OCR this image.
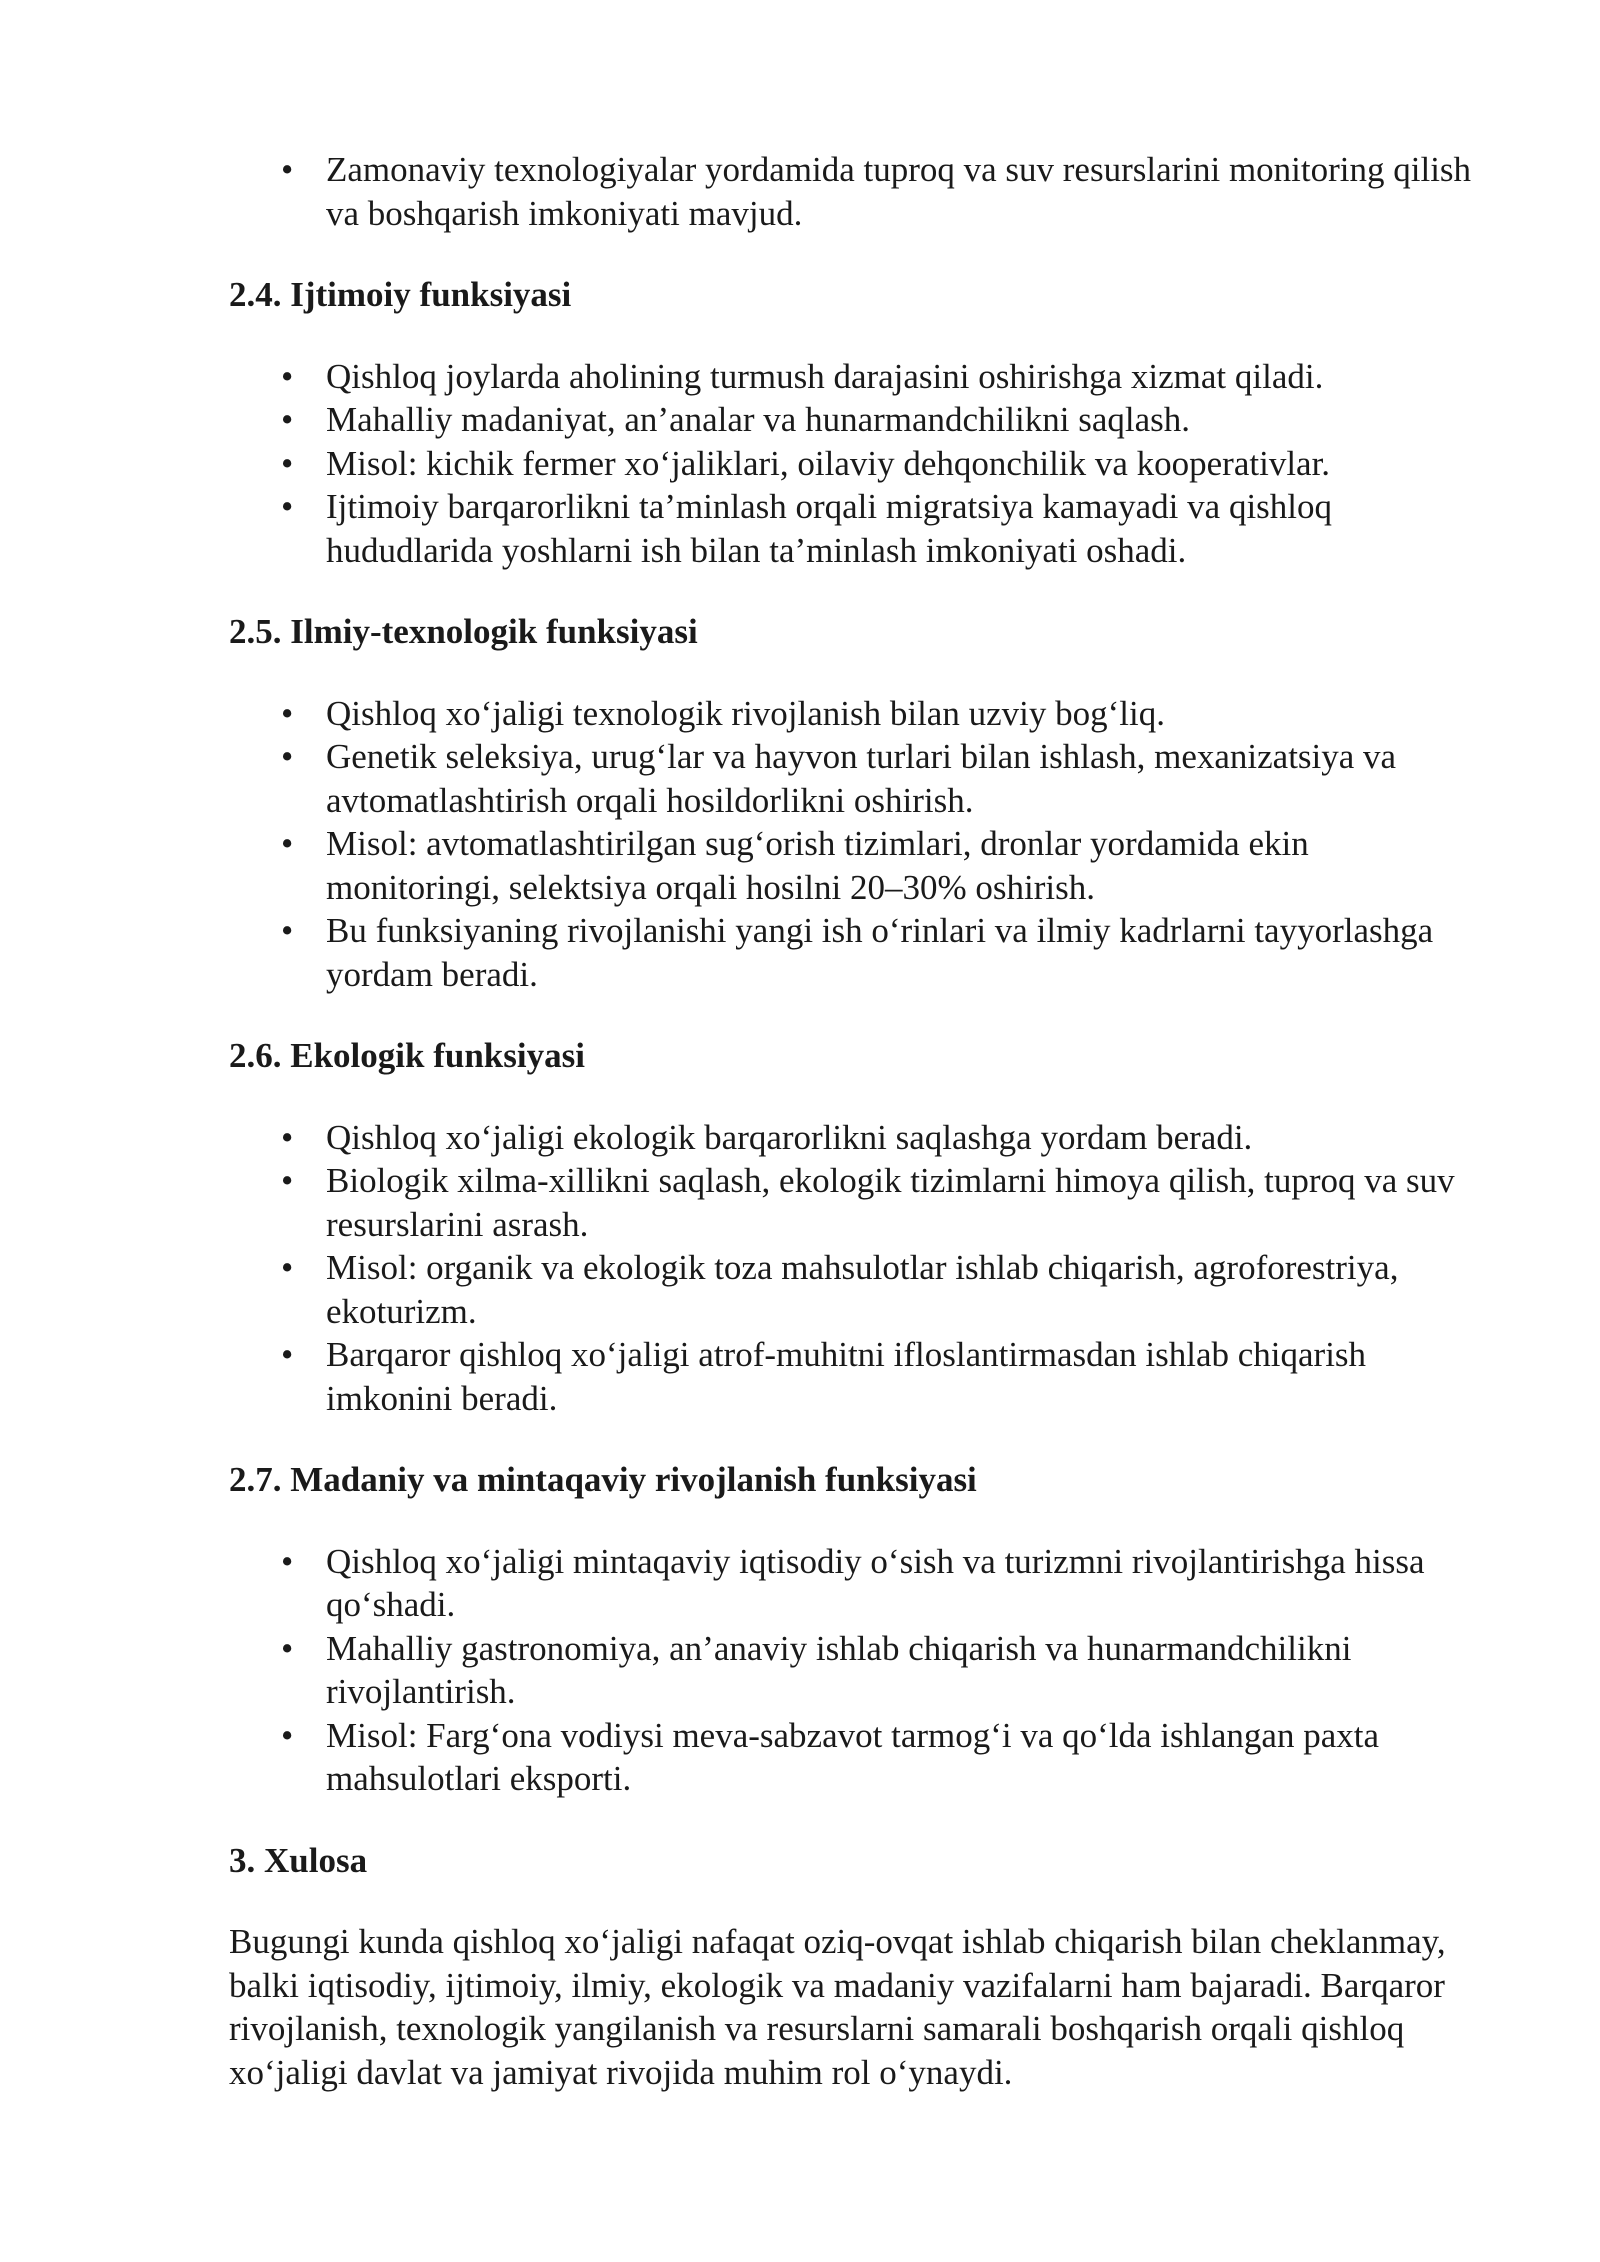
• Zamonaviy texnologiyalar yordamida tuproq va suv resurslarini monitoring qilish va boshqarish imkoniyati mavjud.
2.4. Ijtimoiy funksiyasi
• Qishloq joylarda aholining turmush darajasini oshirishga xizmat qiladi.
• Mahalliy madaniyat, an’analar va hunarmandchilikni saqlash.
• Misol: kichik fermer xo‘jaliklari, oilaviy dehqonchilik va kooperativlar.
• Ijtimoiy barqarorlikni ta’minlash orqali migratsiya kamayadi va qishloq hududlarida yoshlarni ish bilan ta’minlash imkoniyati oshadi.
2.5. Ilmiy-texnologik funksiyasi
• Qishloq xo‘jaligi texnologik rivojlanish bilan uzviy bog‘liq.
• Genetik seleksiya, urug‘lar va hayvon turlari bilan ishlash, mexanizatsiya va avtomatlashtirish orqali hosildorlikni oshirish.
• Misol: avtomatlashtirilgan sug‘orish tizimlari, dronlar yordamida ekin monitoringi, selektsiya orqali hosilni 20–30% oshirish.
• Bu funksiyaning rivojlanishi yangi ish o‘rinlari va ilmiy kadrlarni tayyorlashga yordam beradi.
2.6. Ekologik funksiyasi
• Qishloq xo‘jaligi ekologik barqarorlikni saqlashga yordam beradi.
• Biologik xilma-xillikni saqlash, ekologik tizimlarni himoya qilish, tuproq va suv resurslarini asrash.
• Misol: organik va ekologik toza mahsulotlar ishlab chiqarish, agroforestriya, ekoturizm.
• Barqaror qishloq xo‘jaligi atrof-muhitni ifloslantirmasdan ishlab chiqarish imkonini beradi.
2.7. Madaniy va mintaqaviy rivojlanish funksiyasi
• Qishloq xo‘jaligi mintaqaviy iqtisodiy o‘sish va turizmni rivojlantirishga hissa qo‘shadi.
• Mahalliy gastronomiya, an’anaviy ishlab chiqarish va hunarmandchilikni rivojlantirish.
• Misol: Farg‘ona vodiysi meva-sabzavot tarmog‘i va qo‘lda ishlangan paxta mahsulotlari eksporti.
3. Xulosa

Bugungi kunda qishloq xo‘jaligi nafaqat oziq-ovqat ishlab chiqarish bilan cheklanmay, balki iqtisodiy, ijtimoiy, ilmiy, ekologik va madaniy vazifalarni ham bajaradi. Barqaror rivojlanish, texnologik yangilanish va resurslarni samarali boshqarish orqali qishloq xo‘jaligi davlat va jamiyat rivojida muhim rol o‘ynaydi.
